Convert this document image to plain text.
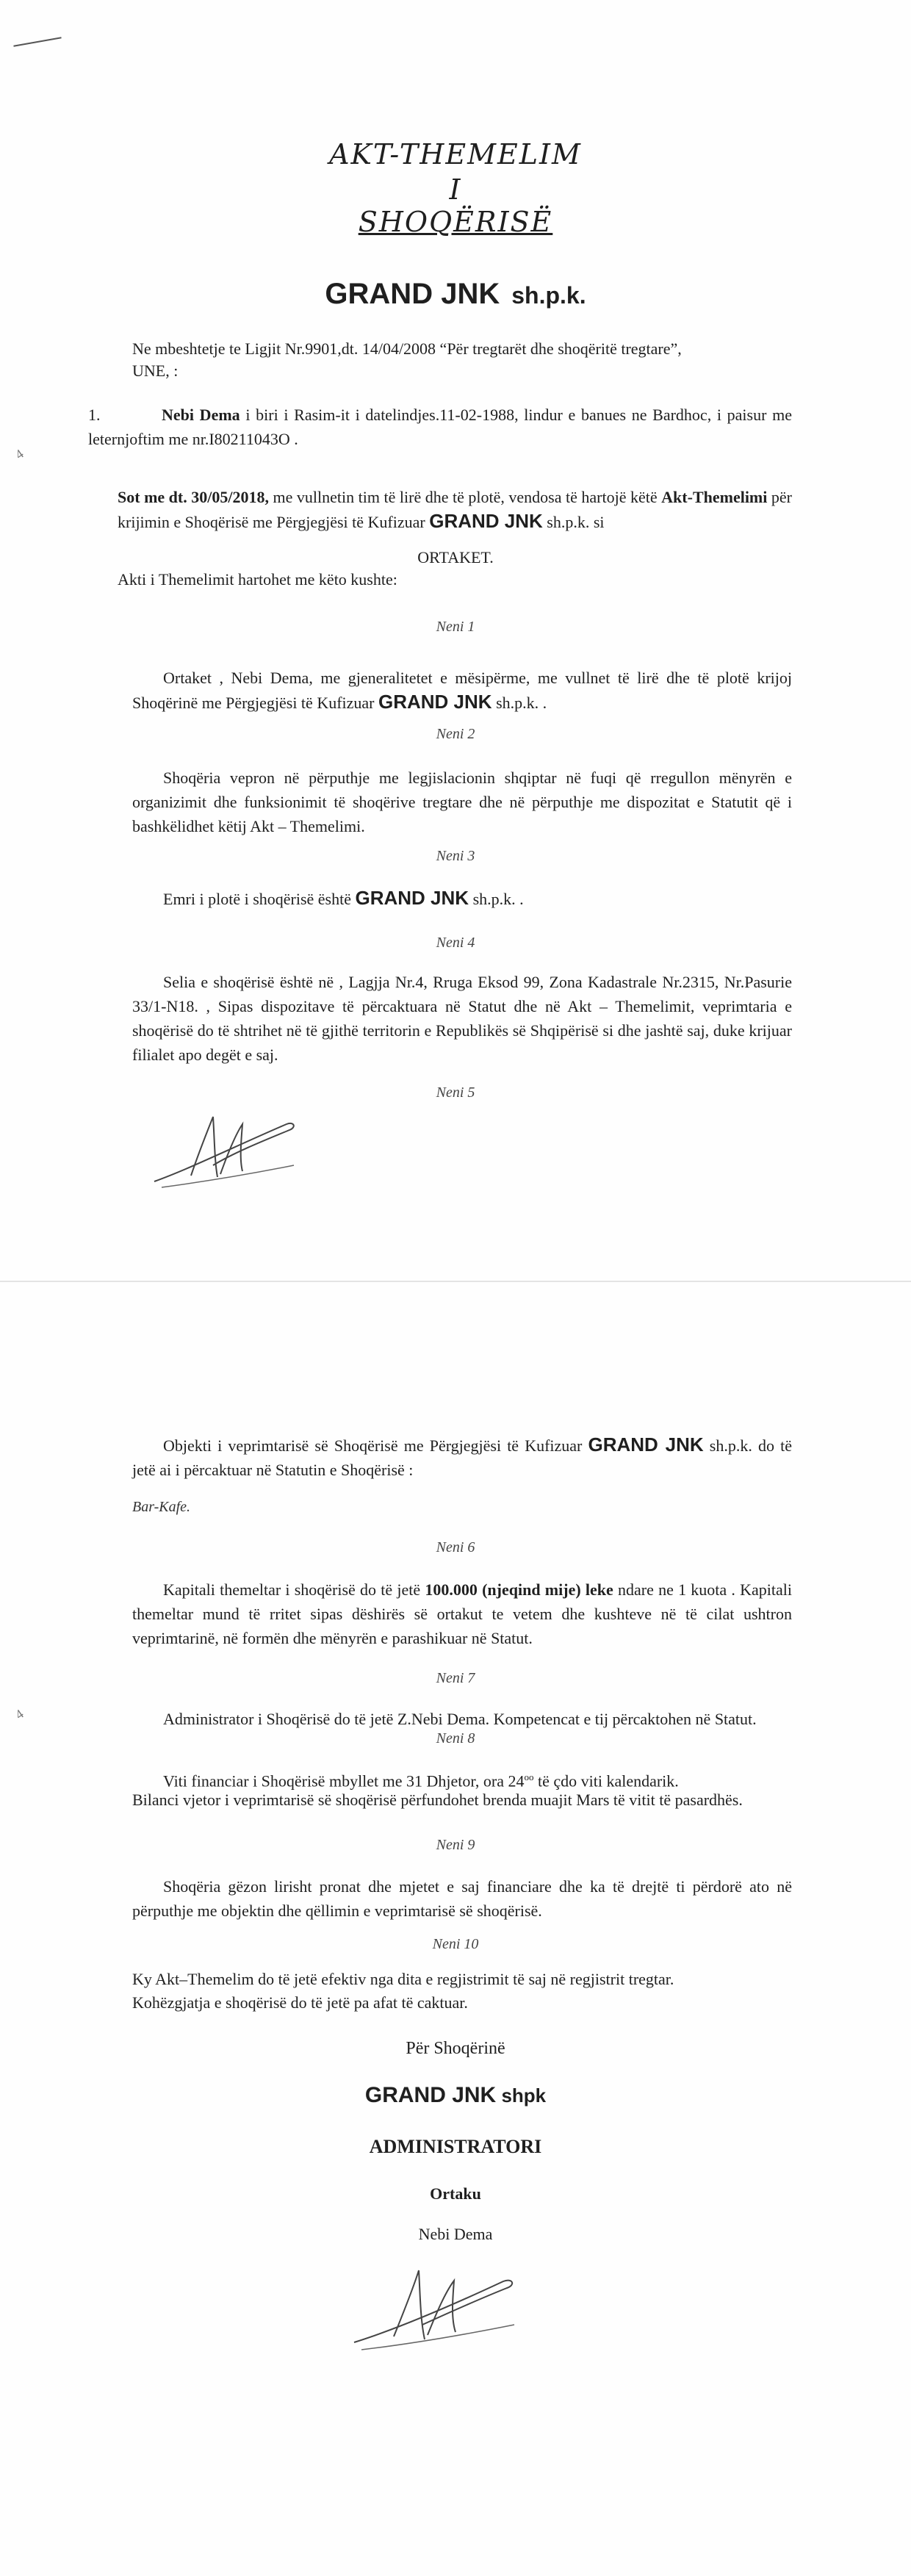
AKT-THEMELIM
I
SHOQËRISË
GRAND JNK sh.p.k.
Ne mbeshtetje te Ligjit Nr.9901,dt. 14/04/2008 “Për tregtarët dhe shoqëritë tregtare”,
UNE, :
1.	Nebi Dema i biri i Rasim-it i datelindjes.11-02-1988, lindur e banues ne Bardhoc, i paisur me leternjoftim me nr.I80211043O .
4
Sot me dt. 30/05/2018, me vullnetin tim të lirë dhe të plotë, vendosa të hartojë këtë Akt-Themelimi për krijimin e Shoqërisë me Përgjegjësi të Kufizuar GRAND JNK sh.p.k. si
ORTAKET.
Akti i Themelimit hartohet me këto kushte:
Neni 1
Ortaket , Nebi Dema, me gjeneralitetet e mësipërme, me vullnet të lirë dhe të plotë krijoj Shoqërinë me Përgjegjësi të Kufizuar GRAND JNK sh.p.k. .
Neni 2
Shoqëria vepron në përputhje me legjislacionin shqiptar në fuqi që rregullon mënyrën e organizimit dhe funksionimit të shoqërive tregtare dhe në përputhje me dispozitat e Statutit që i bashkëlidhet këtij Akt – Themelimi.
Neni 3
Emri i plotë i shoqërisë është GRAND JNK sh.p.k. .
Neni 4
Selia e shoqërisë është në , Lagjja Nr.4, Rruga Eksod 99, Zona Kadastrale Nr.2315, Nr.Pasurie 33/1-N18. , Sipas dispozitave të përcaktuara në Statut dhe në Akt – Themelimit, veprimtaria e shoqërisë do të shtrihet në të gjithë territorin e Republikës së Shqipërisë si dhe jashtë saj, duke krijuar filialet apo degët e saj.
Neni 5
Objekti i veprimtarisë së Shoqërisë me Përgjegjësi të Kufizuar GRAND JNK sh.p.k. do të jetë ai i përcaktuar në Statutin e Shoqërisë :
Bar-Kafe.
Neni 6
Kapitali themeltar i shoqërisë do të jetë 100.000 (njeqind mije) leke ndare ne 1 kuota . Kapitali themeltar mund të rritet sipas dëshirës së ortakut te vetem dhe kushteve në të cilat ushtron veprimtarinë, në formën dhe mënyrën e parashikuar në Statut.
Neni 7
4	Administrator i Shoqërisë do të jetë Z.Nebi Dema. Kompetencat e tij përcaktohen në Statut.
Neni 8
Viti financiar i Shoqërisë mbyllet me 31 Dhjetor, ora $24^{oo}$ të çdo viti kalendarik.
Bilanci vjetor i veprimtarisë së shoqërisë përfundohet brenda muajit Mars të vitit të pasardhës.
Neni 9
Shoqëria gëzon lirisht pronat dhe mjetet e saj financiare dhe ka të drejtë ti përdorë ato në përputhje me objektin dhe qëllimin e veprimtarisë së shoqërisë.
Neni 10
Ky Akt–Themelim do të jetë efektiv nga dita e regjistrimit të saj në regjistrit tregtar.
Kohëzgjatja e shoqërisë do të jetë pa afat të caktuar.
Për Shoqërinë
GRAND JNK shpk
ADMINISTRATORI
Ortaku
Nebi Dema
